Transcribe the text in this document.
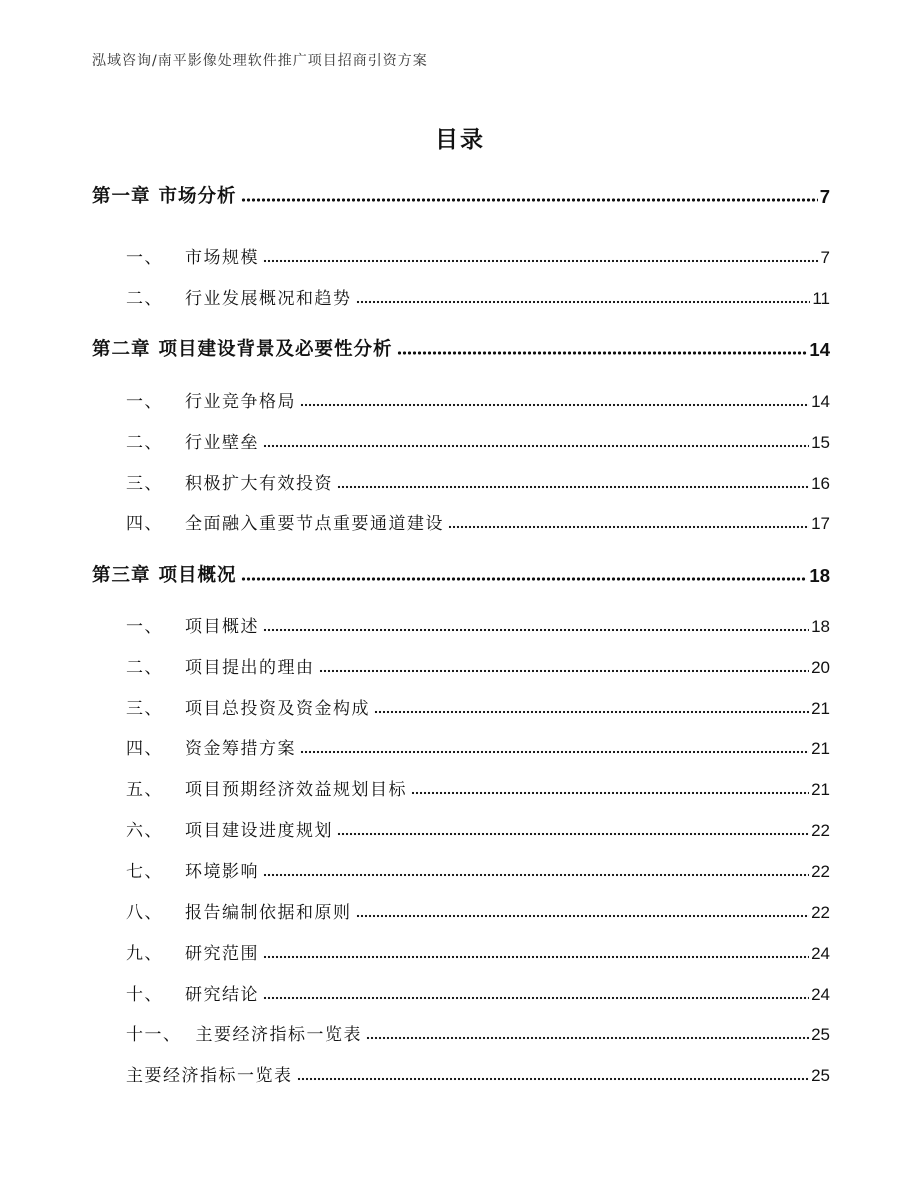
泓域咨询/南平影像处理软件推广项目招商引资方案
目录
第一章 市场分析	7
一、 市场规模	7
二、 行业发展概况和趋势	11
第二章 项目建设背景及必要性分析	14
一、 行业竞争格局	14
二、 行业壁垒	15
三、 积极扩大有效投资	16
四、 全面融入重要节点重要通道建设	17
第三章 项目概况	18
一、 项目概述	18
二、 项目提出的理由	20
三、 项目总投资及资金构成	21
四、 资金筹措方案	21
五、 项目预期经济效益规划目标	21
六、 项目建设进度规划	22
七、 环境影响	22
八、 报告编制依据和原则	22
九、 研究范围	24
十、 研究结论	24
十一、 主要经济指标一览表	25
主要经济指标一览表	25
